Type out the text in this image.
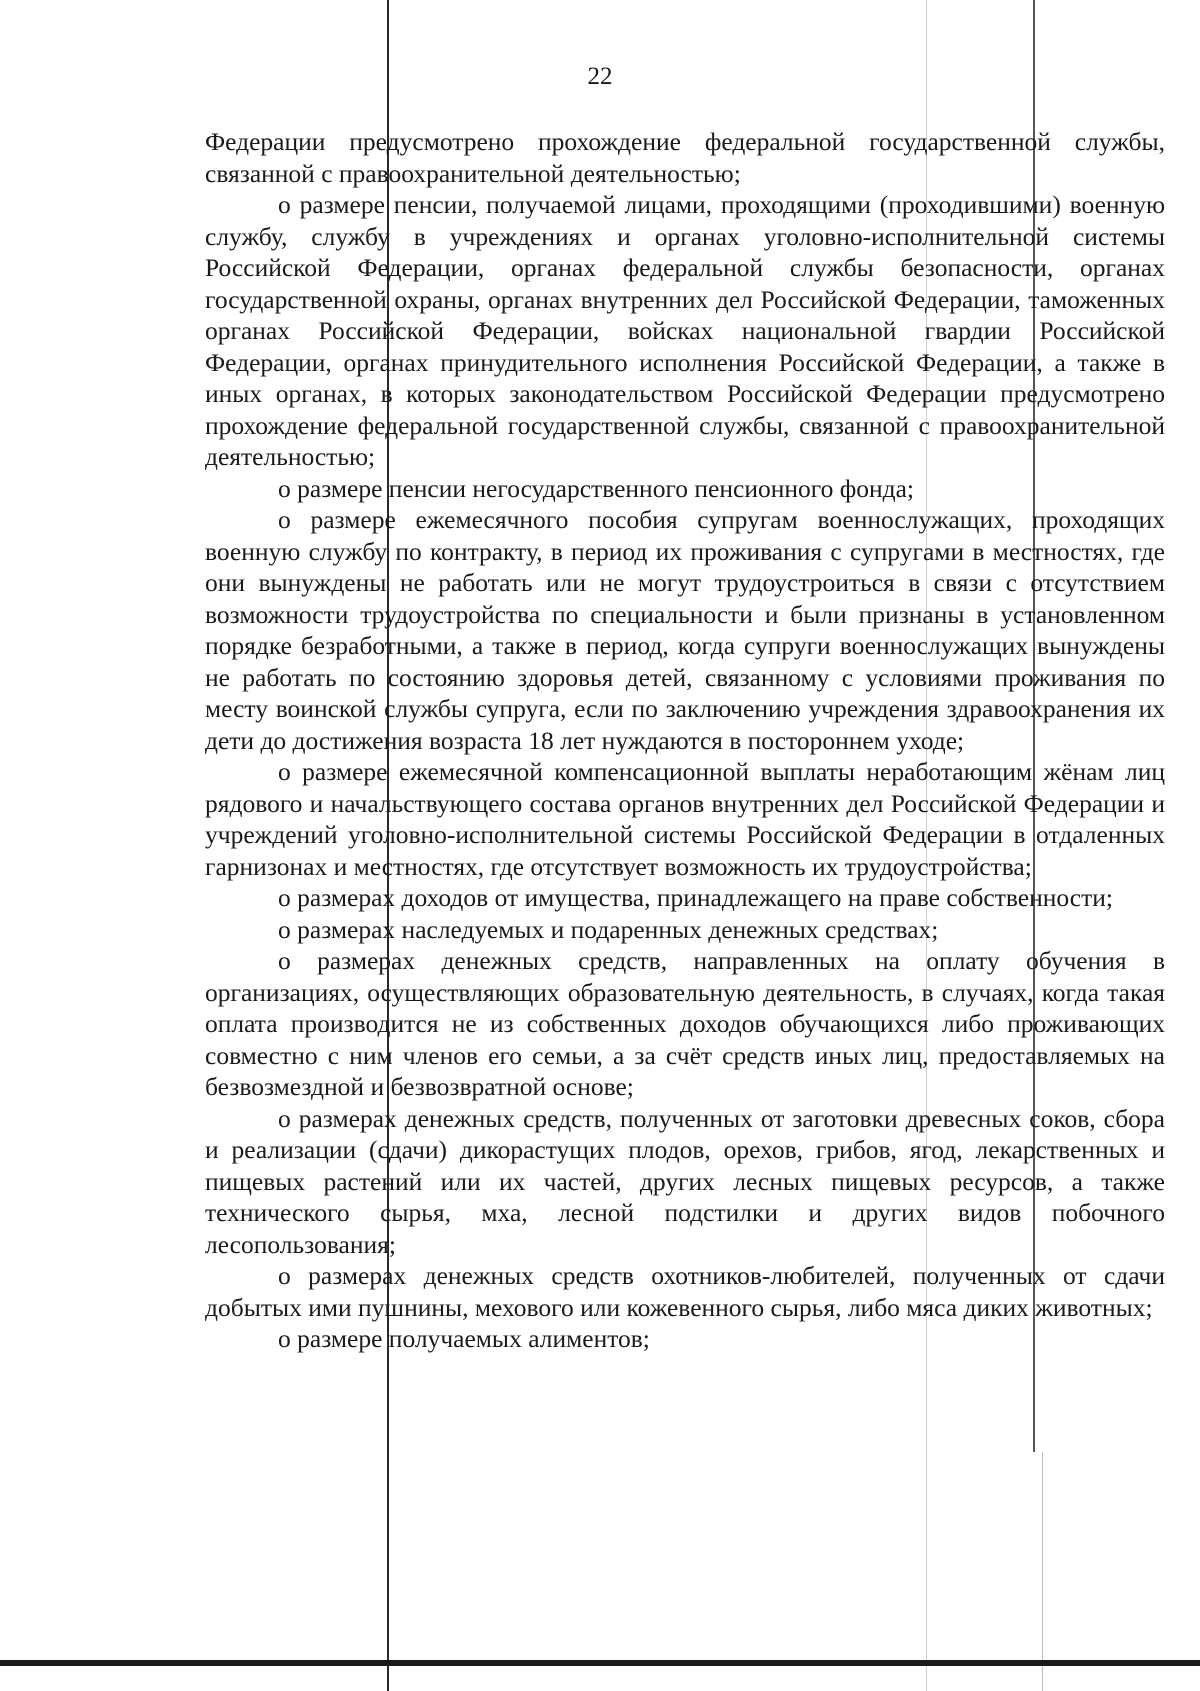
22

Федерации предусмотрено прохождение федеральной государственной службы, связанной с правоохранительной деятельностью;

о размере пенсии, получаемой лицами, проходящими (проходившими) военную службу, службу в учреждениях и органах уголовно-исполнительной системы Российской Федерации, органах федеральной службы безопасности, органах государственной охраны, органах внутренних дел Российской Федерации, таможенных органах Российской Федерации, войсках национальной гвардии Российской Федерации, органах принудительного исполнения Российской Федерации, а также в иных органах, в которых законодательством Российской Федерации предусмотрено прохождение федеральной государственной службы, связанной с правоохранительной деятельностью;

о размере пенсии негосударственного пенсионного фонда;

о размере ежемесячного пособия супругам военнослужащих, проходящих военную службу по контракту, в период их проживания с супругами в местностях, где они вынуждены не работать или не могут трудоустроиться в связи с отсутствием возможности трудоустройства по специальности и были признаны в установленном порядке безработными, а также в период, когда супруги военнослужащих вынуждены не работать по состоянию здоровья детей, связанному с условиями проживания по месту воинской службы супруга, если по заключению учреждения здравоохранения их дети до достижения возраста 18 лет нуждаются в постороннем уходе;

о размере ежемесячной компенсационной выплаты неработающим жёнам лиц рядового и начальствующего состава органов внутренних дел Российской Федерации и учреждений уголовно-исполнительной системы Российской Федерации в отдаленных гарнизонах и местностях, где отсутствует возможность их трудоустройства;

о размерах доходов от имущества, принадлежащего на праве собственности;

о размерах наследуемых и подаренных денежных средствах;

о размерах денежных средств, направленных на оплату обучения в организациях, осуществляющих образовательную деятельность, в случаях, когда такая оплата производится не из собственных доходов обучающихся либо проживающих совместно с ним членов его семьи, а за счёт средств иных лиц, предоставляемых на безвозмездной и безвозвратной основе;

о размерах денежных средств, полученных от заготовки древесных соков, сбора и реализации (сдачи) дикорастущих плодов, орехов, грибов, ягод, лекарственных и пищевых растений или их частей, других лесных пищевых ресурсов, а также технического сырья, мха, лесной подстилки и других видов побочного лесопользования;

о размерах денежных средств охотников-любителей, полученных от сдачи добытых ими пушнины, мехового или кожевенного сырья, либо мяса диких животных;

о размере получаемых алиментов;
